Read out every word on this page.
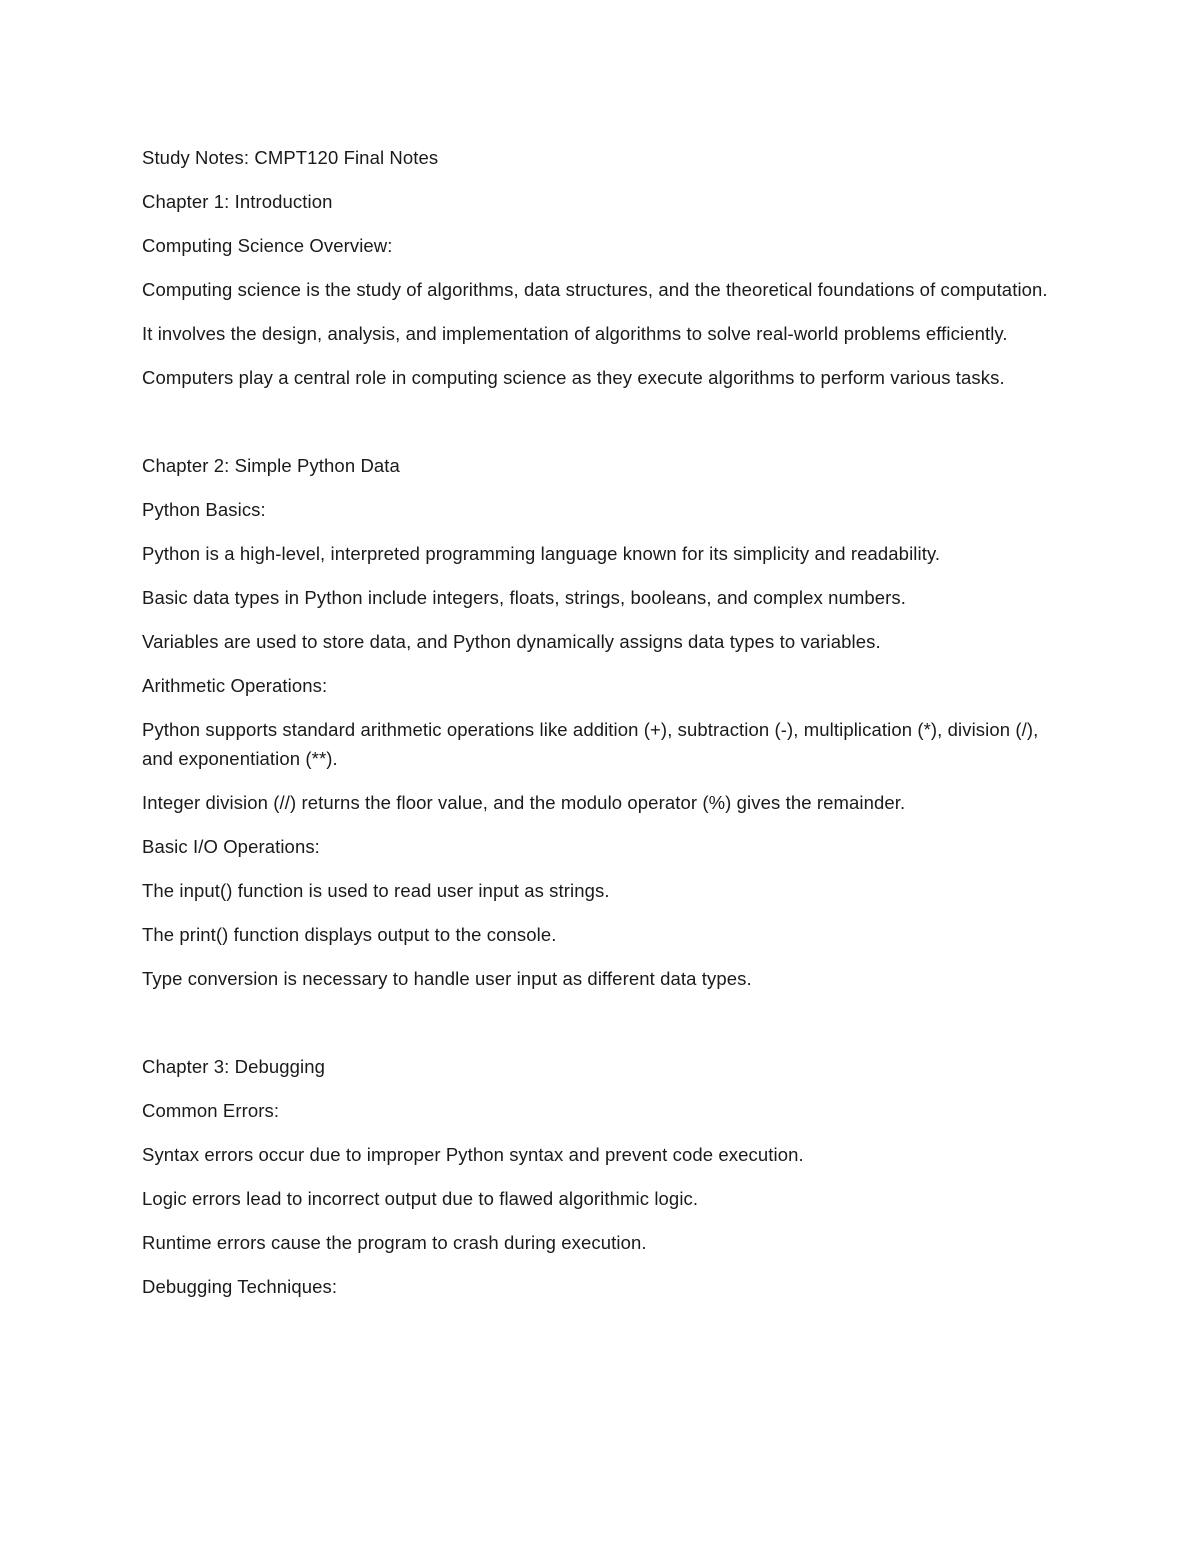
Study Notes: CMPT120 Final Notes

Chapter 1: Introduction

Computing Science Overview:

Computing science is the study of algorithms, data structures, and the theoretical foundations of computation.

It involves the design, analysis, and implementation of algorithms to solve real-world problems efficiently.

Computers play a central role in computing science as they execute algorithms to perform various tasks.

Chapter 2: Simple Python Data

Python Basics:

Python is a high-level, interpreted programming language known for its simplicity and readability.

Basic data types in Python include integers, floats, strings, booleans, and complex numbers.

Variables are used to store data, and Python dynamically assigns data types to variables.

Arithmetic Operations:

Python supports standard arithmetic operations like addition (+), subtraction (-), multiplication (*), division (/), and exponentiation (**).

Integer division (//) returns the floor value, and the modulo operator (%) gives the remainder.

Basic I/O Operations:

The input() function is used to read user input as strings.

The print() function displays output to the console.

Type conversion is necessary to handle user input as different data types.

Chapter 3: Debugging

Common Errors:

Syntax errors occur due to improper Python syntax and prevent code execution.

Logic errors lead to incorrect output due to flawed algorithmic logic.

Runtime errors cause the program to crash during execution.

Debugging Techniques:
